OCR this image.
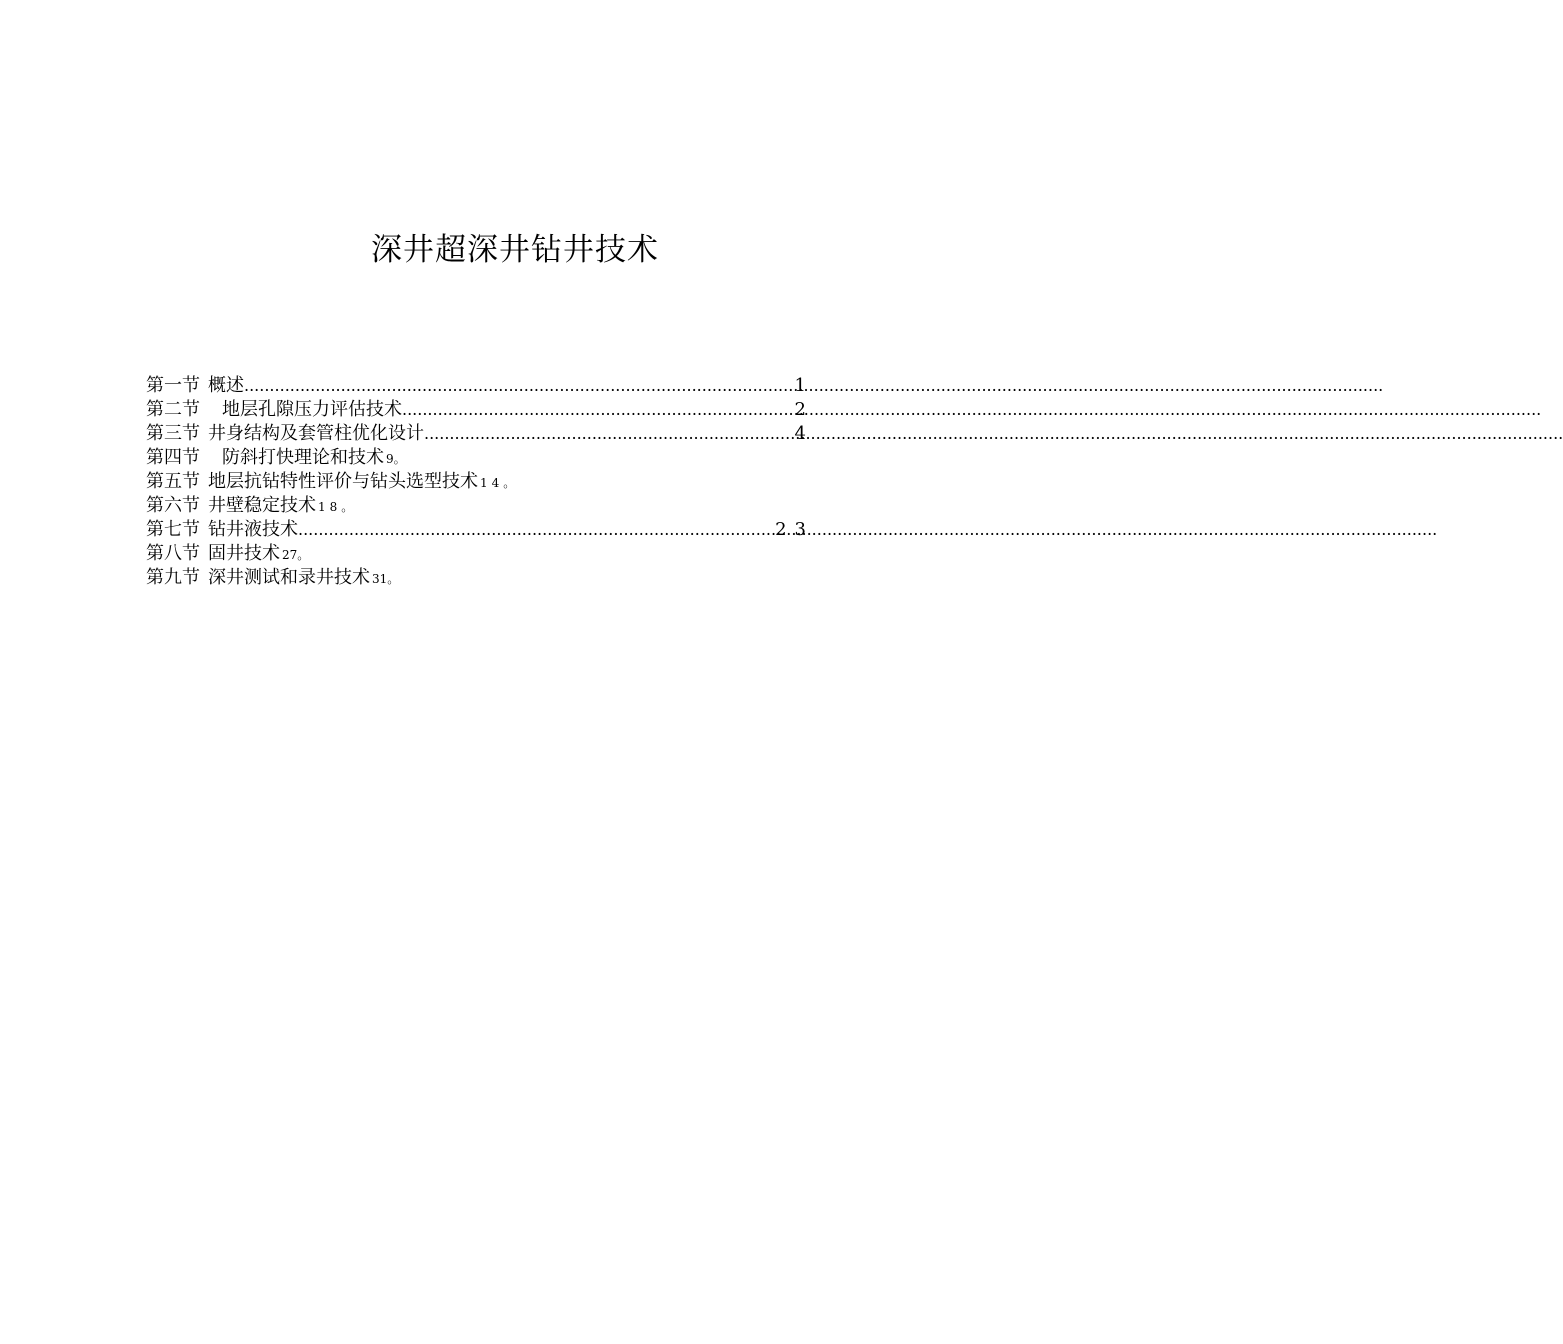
深井超深井钻井技术
第一节 概述 .....	1
第二节 地层孔隙压力评估技术 .....	2
第三节 井身结构及套管柱优化设计 .....	4
第四节 防斜打快理论和技术 9。
第五节 地层抗钻特性评价与钻头选型技术 14。
第六节 井壁稳定技术 18。
第七节 钻井液技术 .....	23
第八节 固井技术 27。
第九节 深井测试和录井技术 31。
